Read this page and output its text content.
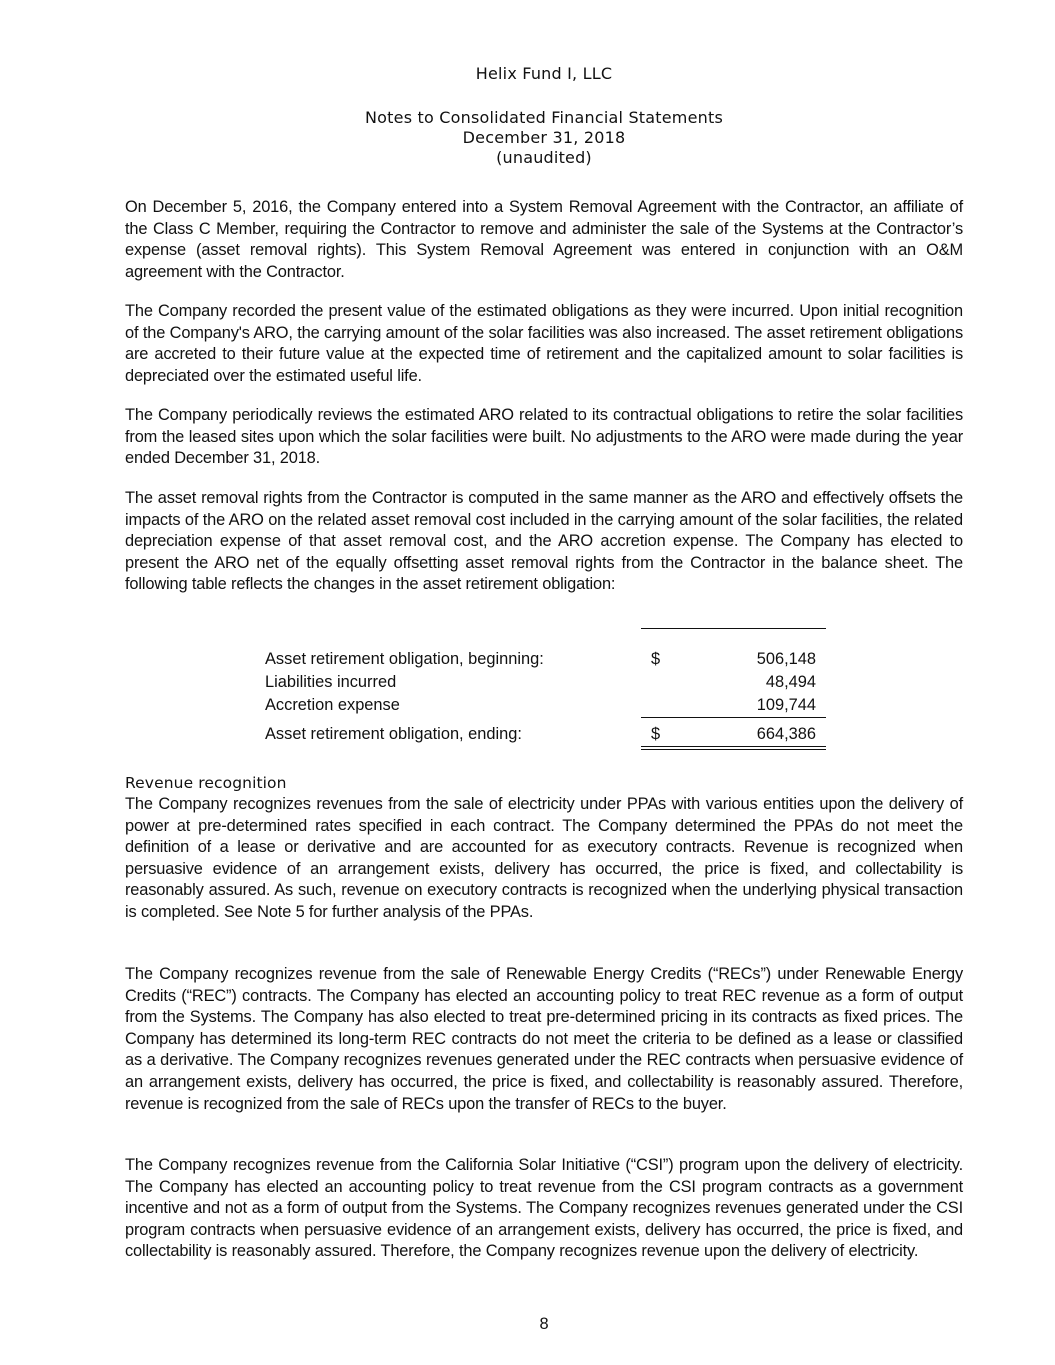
Helix Fund I, LLC
Notes to Consolidated Financial Statements
December 31, 2018
(unaudited)

On December 5, 2016, the Company entered into a System Removal Agreement with the Contractor, an affiliate of the Class C Member, requiring the Contractor to remove and administer the sale of the Systems at the Contractor’s expense (asset removal rights). This System Removal Agreement was entered in conjunction with an O&M agreement with the Contractor.

The Company recorded the present value of the estimated obligations as they were incurred. Upon initial recognition of the Company's ARO, the carrying amount of the solar facilities was also increased. The asset retirement obligations are accreted to their future value at the expected time of retirement and the capitalized amount to solar facilities is depreciated over the estimated useful life.

The Company periodically reviews the estimated ARO related to its contractual obligations to retire the solar facilities from the leased sites upon which the solar facilities were built. No adjustments to the ARO were made during the year ended December 31, 2018.

The asset removal rights from the Contractor is computed in the same manner as the ARO and effectively offsets the impacts of the ARO on the related asset removal cost included in the carrying amount of the solar facilities, the related depreciation expense of that asset removal cost, and the ARO accretion expense. The Company has elected to present the ARO net of the equally offsetting asset removal rights from the Contractor in the balance sheet. The following table reflects the changes in the asset retirement obligation:

Asset retirement obligation, beginning:	$	506,148
Liabilities incurred	48,494
Accretion expense	109,744
Asset retirement obligation, ending:	$	664,386
Revenue recognition

The Company recognizes revenues from the sale of electricity under PPAs with various entities upon the delivery of power at pre-determined rates specified in each contract. The Company determined the PPAs do not meet the definition of a lease or derivative and are accounted for as executory contracts. Revenue is recognized when persuasive evidence of an arrangement exists, delivery has occurred, the price is fixed, and collectability is reasonably assured. As such, revenue on executory contracts is recognized when the underlying physical transaction is completed. See Note 5 for further analysis of the PPAs.

The Company recognizes revenue from the sale of Renewable Energy Credits (“RECs”) under Renewable Energy Credits (“REC”) contracts. The Company has elected an accounting policy to treat REC revenue as a form of output from the Systems. The Company has also elected to treat pre-determined pricing in its contracts as fixed prices. The Company has determined its long-term REC contracts do not meet the criteria to be defined as a lease or classified as a derivative. The Company recognizes revenues generated under the REC contracts when persuasive evidence of an arrangement exists, delivery has occurred, the price is fixed, and collectability is reasonably assured. Therefore, revenue is recognized from the sale of RECs upon the transfer of RECs to the buyer.

The Company recognizes revenue from the California Solar Initiative (“CSI”) program upon the delivery of electricity. The Company has elected an accounting policy to treat revenue from the CSI program contracts as a government incentive and not as a form of output from the Systems. The Company recognizes revenues generated under the CSI program contracts when persuasive evidence of an arrangement exists, delivery has occurred, the price is fixed, and collectability is reasonably assured. Therefore, the Company recognizes revenue upon the delivery of electricity.

8
